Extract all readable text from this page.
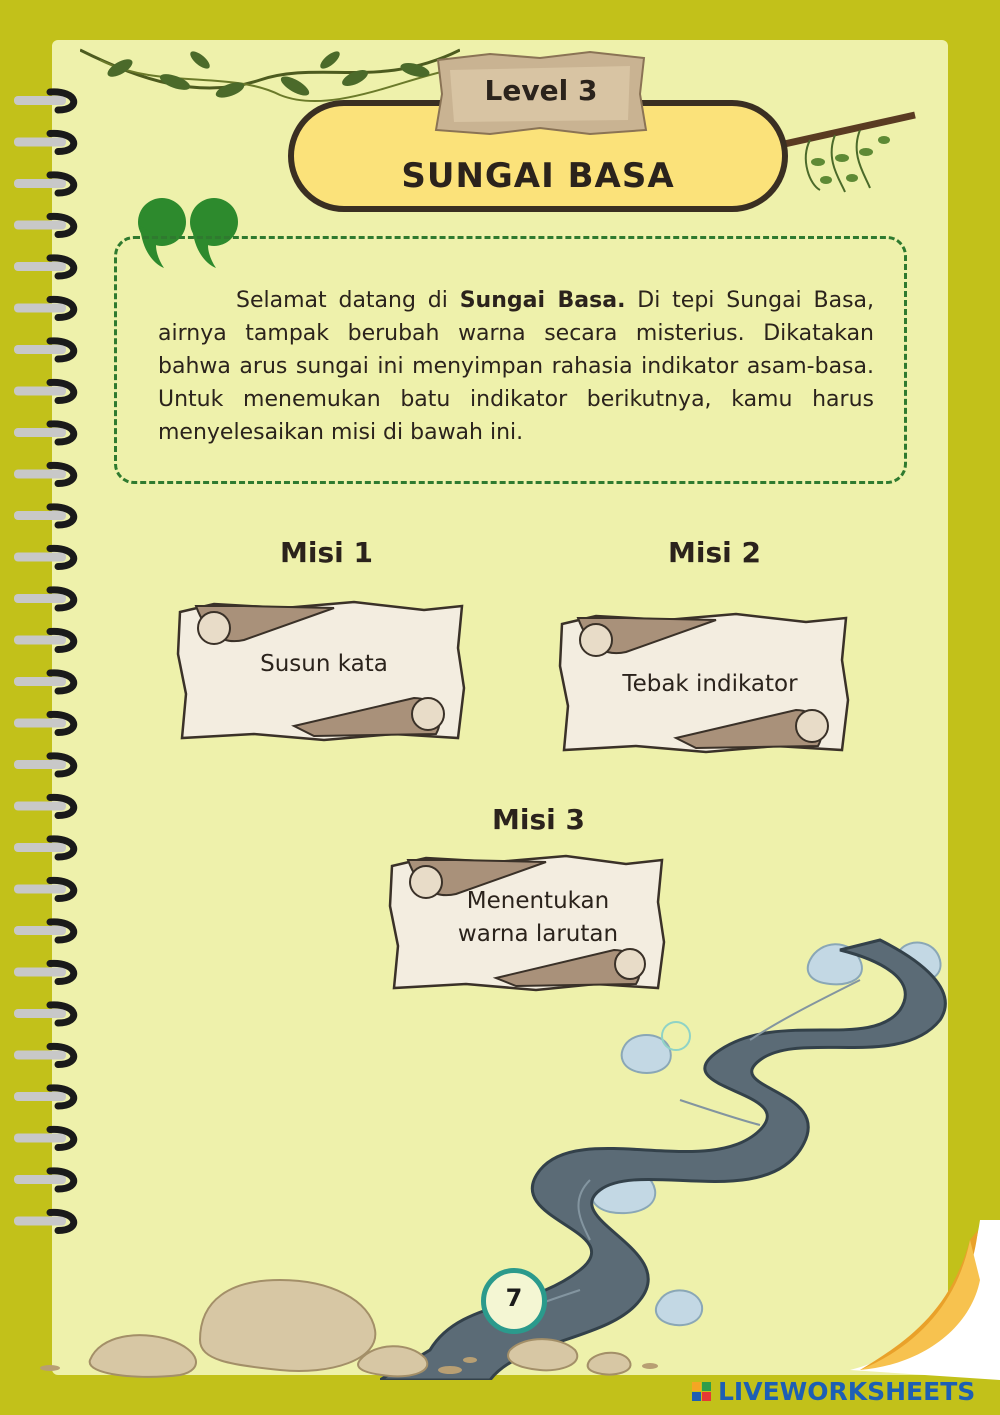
SUNGAI BASA
Level 3

Selamat datang di Sungai Basa. Di tepi Sungai Basa, airnya tampak berubah warna secara misterius. Dikatakan bahwa arus sungai ini menyimpan rahasia indikator asam-basa. Untuk menemukan batu indikator berikutnya, kamu harus menyelesaikan misi di bawah ini.

Misi 1	Misi 2
Misi 3
Susun kata
Tebak indikator
Menentukan
warna larutan
7
LIVEWORKSHEETS
